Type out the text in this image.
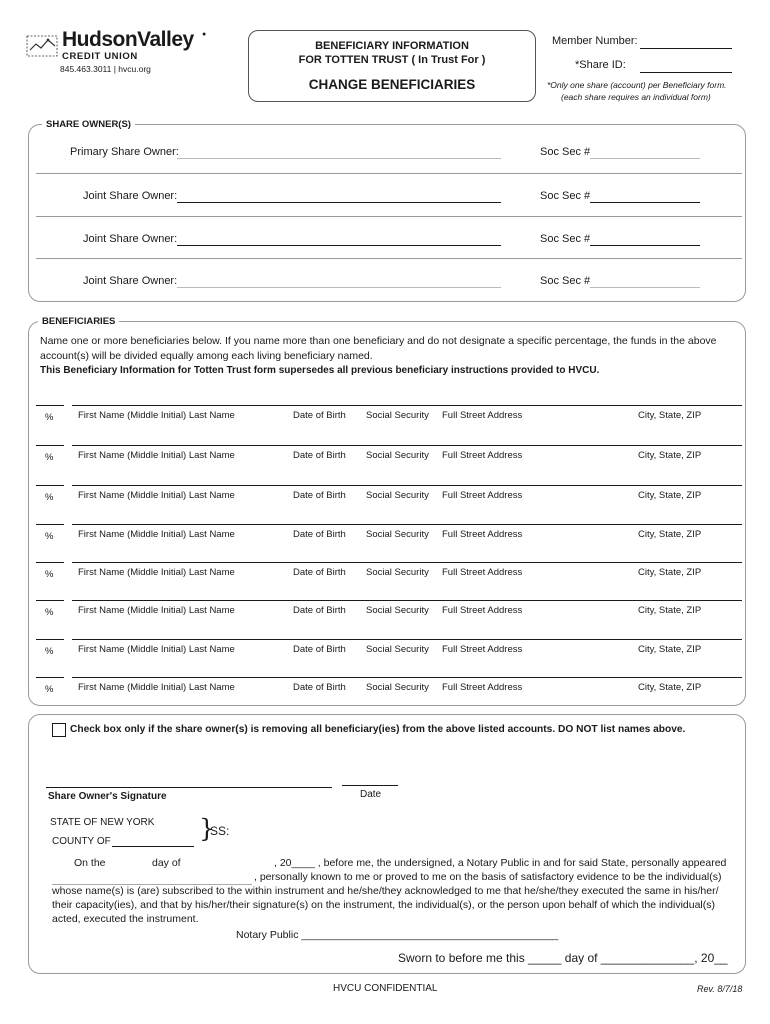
HudsonValley ●
CREDIT UNION
845.463.3011 | hvcu.org
BENEFICIARY INFORMATION
FOR TOTTEN TRUST ( In Trust For )
CHANGE BENEFICIARIES
Member Number:
*Share ID:
*Only one share (account) per Beneficiary form.
(each share requires an individual form)
SHARE OWNER(S)
Primary Share Owner:	Soc Sec #
Joint Share Owner:	Soc Sec #
Joint Share Owner:	Soc Sec #
Joint Share Owner:	Soc Sec #
BENEFICIARIES
Name one or more beneficiaries below. If you name more than one beneficiary and do not designate a specific percentage, the funds in the above
account(s) will be divided equally among each living beneficiary named.
This Beneficiary Information for Totten Trust form supersedes all previous beneficiary instructions provided to HVCU.
%	First Name (Middle Initial) Last Name	Date of Birth Social Security Full Street Address	City, State, ZIP
%	First Name (Middle Initial) Last Name	Date of Birth Social Security Full Street Address	City, State, ZIP
%	First Name (Middle Initial) Last Name	Date of Birth Social Security Full Street Address	City, State, ZIP
%	First Name (Middle Initial) Last Name	Date of Birth Social Security Full Street Address	City, State, ZIP
%	First Name (Middle Initial) Last Name	Date of Birth Social Security Full Street Address	City, State, ZIP
%	First Name (Middle Initial) Last Name	Date of Birth Social Security Full Street Address	City, State, ZIP
%	First Name (Middle Initial) Last Name	Date of Birth Social Security Full Street Address	City, State, ZIP
%	First Name (Middle Initial) Last Name	Date of Birth Social Security Full Street Address	City, State, ZIP
Check box only if the share owner(s) is removing all beneficiary(ies) from the above listed accounts. DO NOT list names above.
Share Owner's Signature	Date
STATE OF NEW YORK
COUNTY OF	}
SS:
On the	day of	, 20____ , before me, the undersigned, a Notary Public in and for said State, personally appeared
, personally known to me or proved to me on the basis of satisfactory evidence to be the individual(s)
whose name(s) is (are) subscribed to the within instrument and he/she/they acknowledged to me that he/she/they executed the same in his/her/
their capacity(ies), and that by his/her/their signature(s) on the instrument, the individual(s), or the person upon behalf of which the individual(s)
acted, executed the instrument.
Notary Public ____________________________________________
Sworn to before me this _____ day of ______________, 20__
HVCU CONFIDENTIAL	Rev. 8/7/18
